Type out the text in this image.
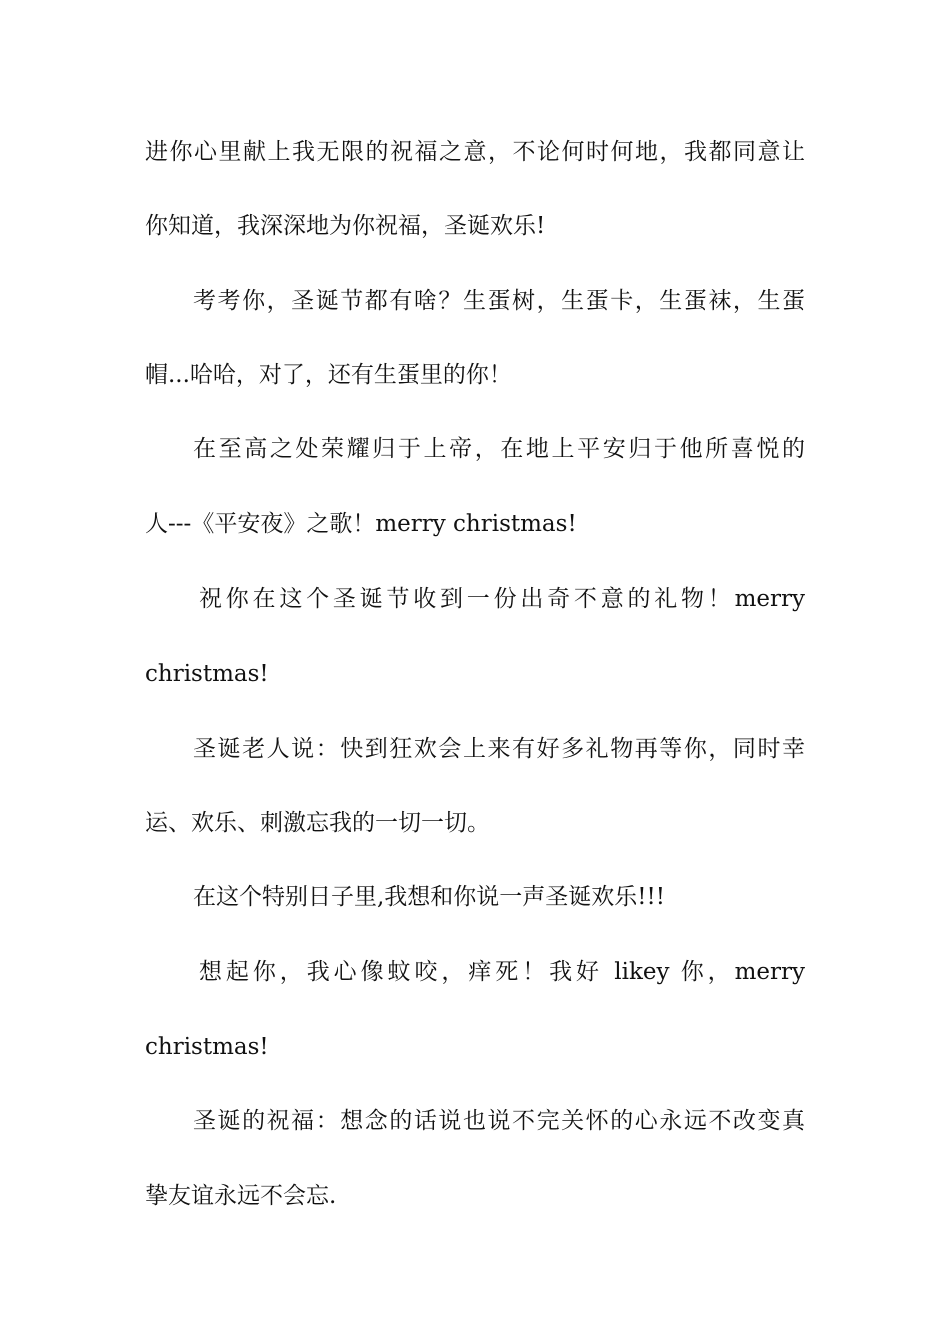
进你心里献上我无限的祝福之意，不论何时何地，我都同意让
你知道，我深深地为你祝福，圣诞欢乐!
考考你，圣诞节都有啥？生蛋树，生蛋卡，生蛋袜，生蛋
帽...哈哈，对了，还有生蛋里的你！
在至高之处荣耀归于上帝，在地上平安归于他所喜悦的
人---《平安夜》之歌！merry christmas!
祝你在这个圣诞节收到一份出奇不意的礼物！merry
christmas!
圣诞老人说：快到狂欢会上来有好多礼物再等你，同时幸
运、欢乐、刺激忘我的一切一切。
在这个特别日子里,我想和你说一声圣诞欢乐!!!
想起你，我心像蚊咬，痒死！我好 likey 你，merry
christmas!
圣诞的祝福：想念的话说也说不完关怀的心永远不改变真
挚友谊永远不会忘.
